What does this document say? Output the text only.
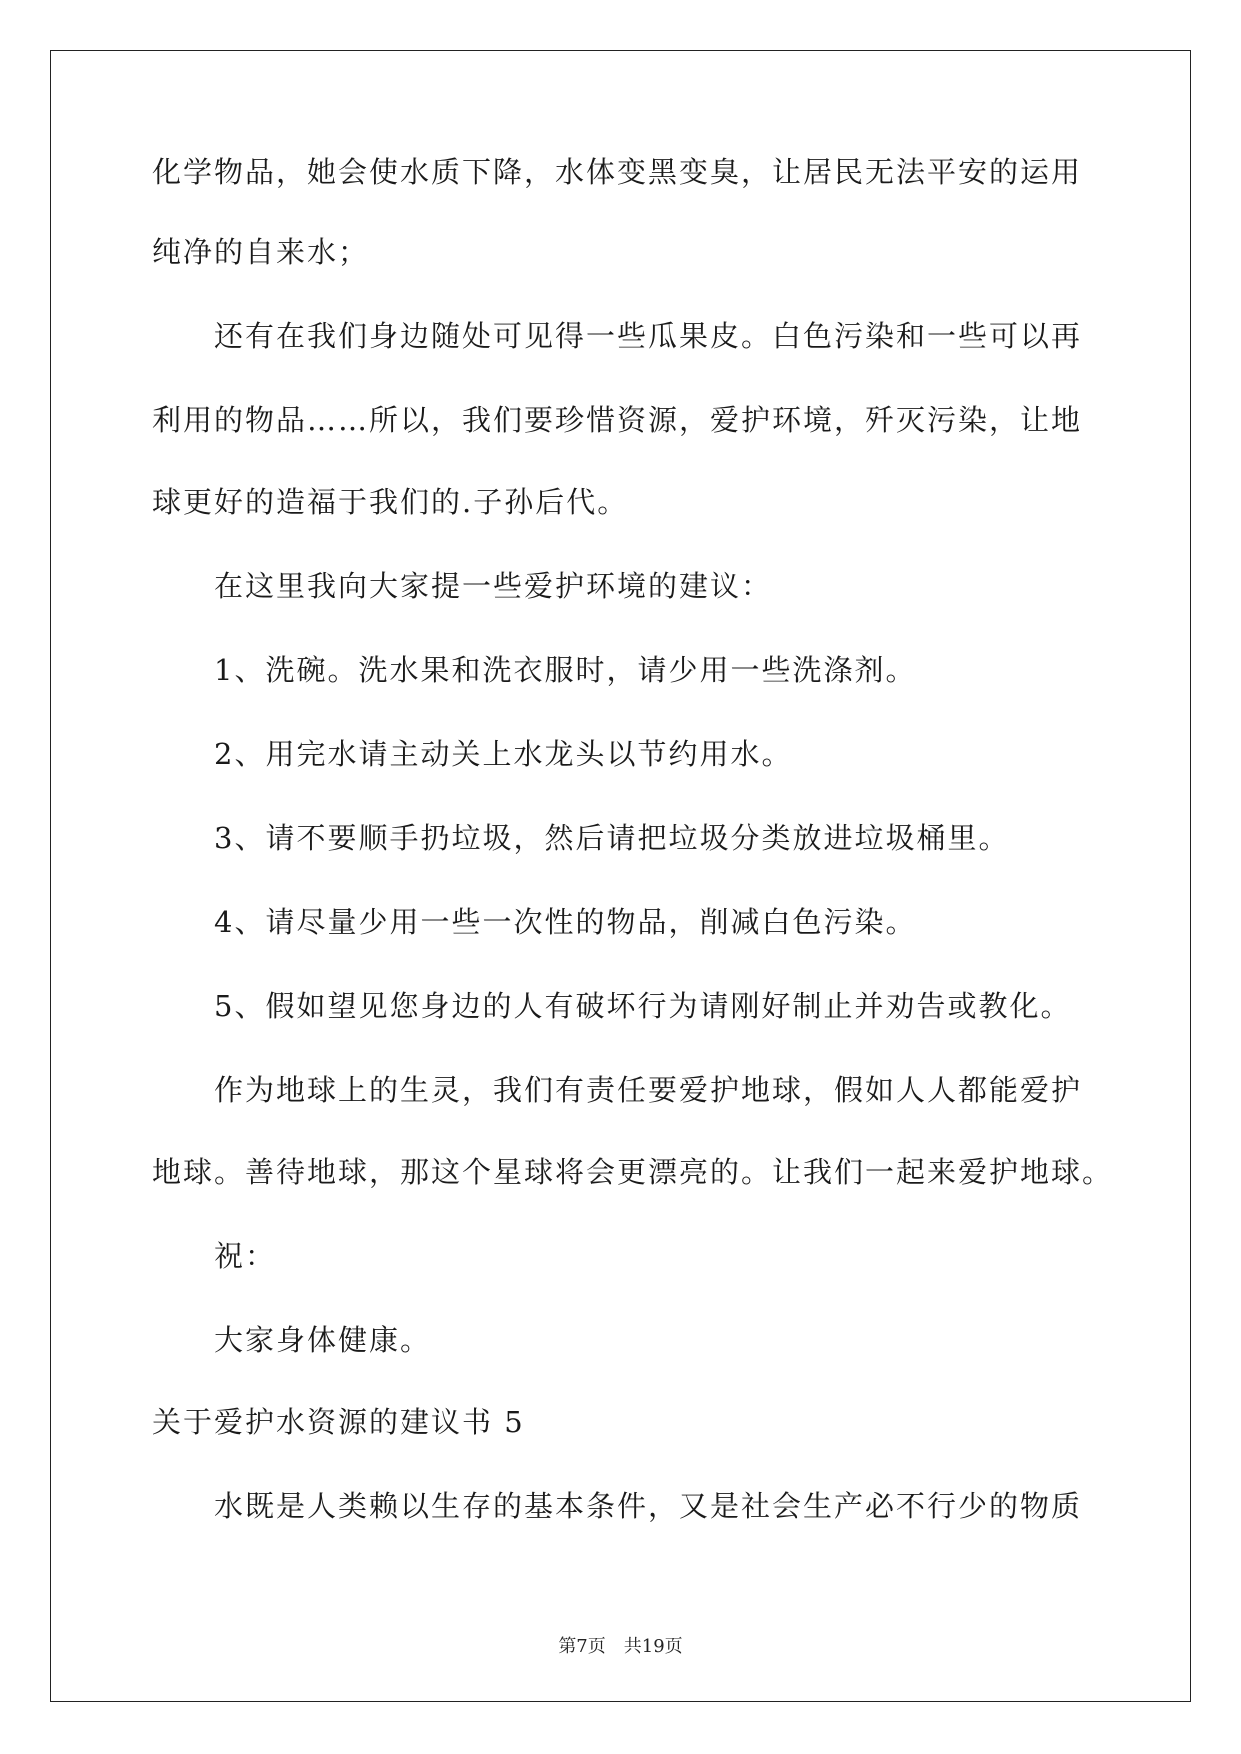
化学物品，她会使水质下降，水体变黑变臭，让居民无法平安的运用
纯净的自来水；
还有在我们身边随处可见得一些瓜果皮。白色污染和一些可以再
利用的物品……所以，我们要珍惜资源，爱护环境，歼灭污染，让地
球更好的造福于我们的.子孙后代。
在这里我向大家提一些爱护环境的建议：
1、洗碗。洗水果和洗衣服时，请少用一些洗涤剂。
2、用完水请主动关上水龙头以节约用水。
3、请不要顺手扔垃圾，然后请把垃圾分类放进垃圾桶里。
4、请尽量少用一些一次性的物品，削减白色污染。
5、假如望见您身边的人有破坏行为请刚好制止并劝告或教化。
作为地球上的生灵，我们有责任要爱护地球，假如人人都能爱护
地球。善待地球，那这个星球将会更漂亮的。让我们一起来爱护地球。
祝：
大家身体健康。
关于爱护水资源的建议书 5
水既是人类赖以生存的基本条件，又是社会生产必不行少的物质
第7页　共19页
